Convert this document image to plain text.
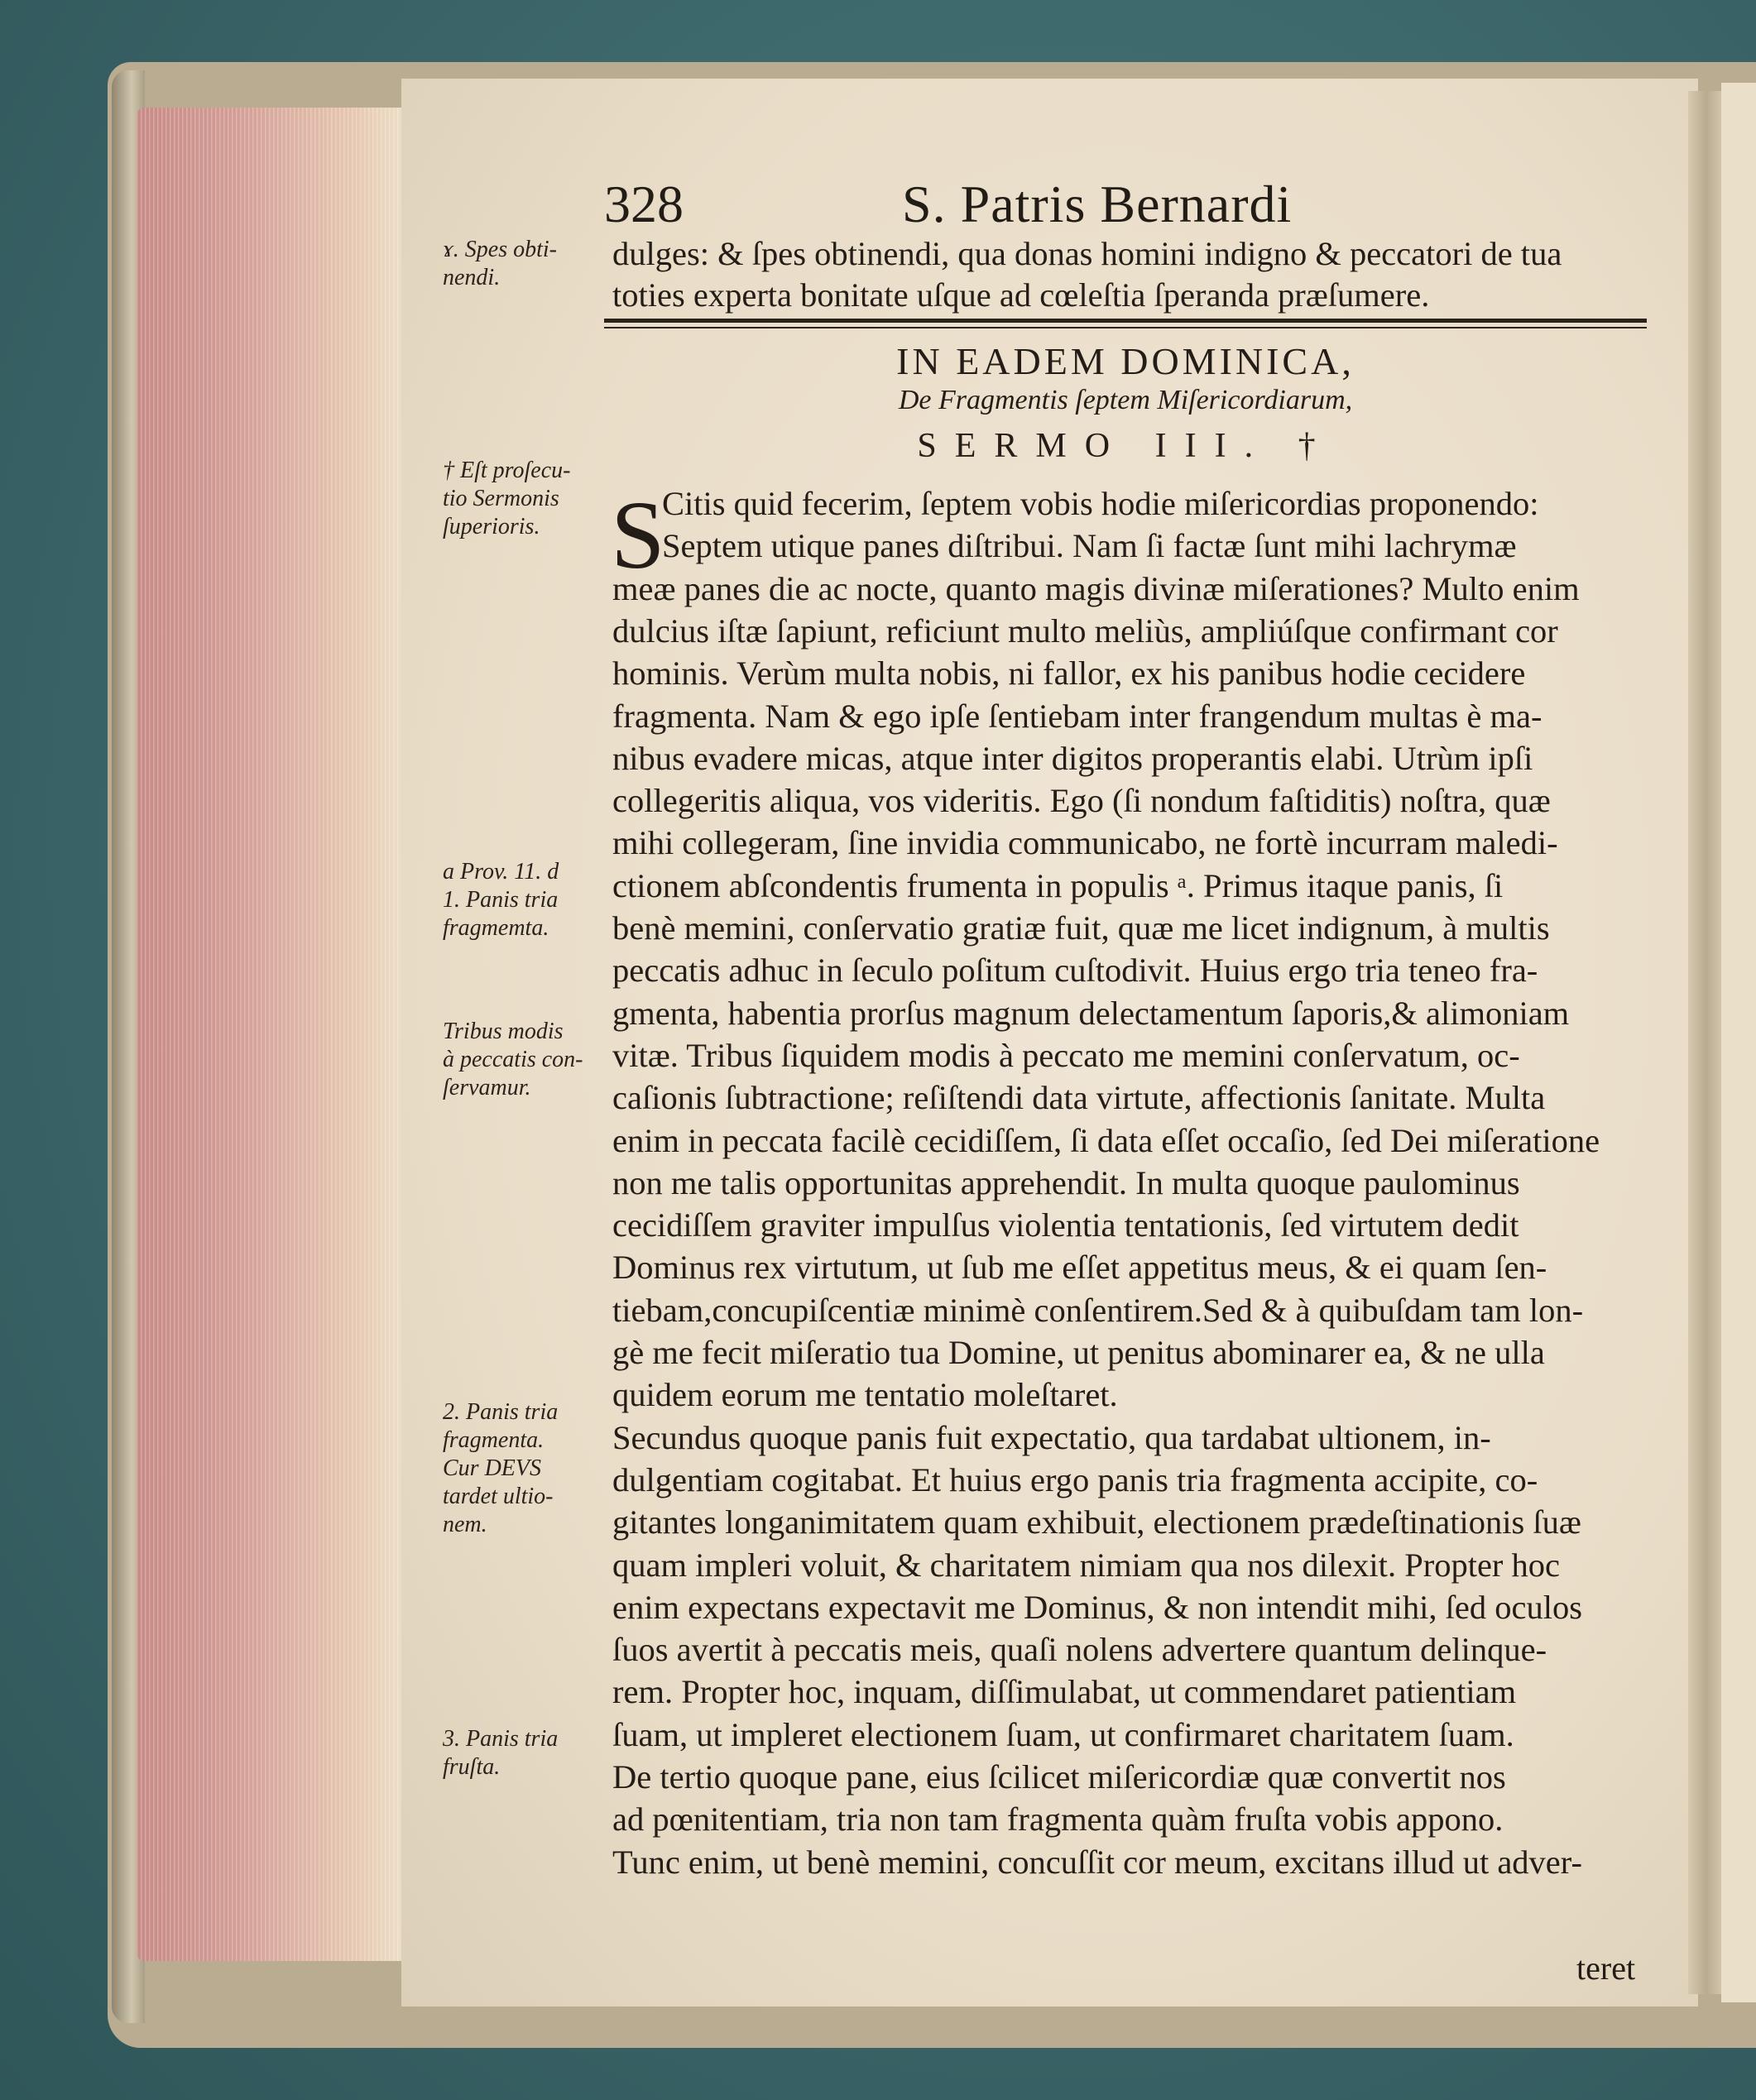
328	S. Patris Bernardi
dulges: & ſpes obtinendi, qua donas homini indigno & peccatori de tua
toties experta bonitate uſque ad cœleſtia ſperanda præſumere.
IN EADEM DOMINICA,
De Fragmentis ſeptem Miſericordiarum,
SERMO III. †
S
Citis quid fecerim, ſeptem vobis hodie miſericordias proponendo:
Septem utique panes diſtribui. Nam ſi factæ ſunt mihi lachrymæ
meæ panes die ac nocte, quanto magis divinæ miſerationes? Multo enim
dulcius iſtæ ſapiunt, reficiunt multo meliùs, ampliúſque confirmant cor
hominis. Verùm multa nobis, ni fallor, ex his panibus hodie cecidere
fragmenta. Nam & ego ipſe ſentiebam inter frangendum multas è ma-
nibus evadere micas, atque inter digitos properantis elabi. Utrùm ipſi
collegeritis aliqua, vos videritis. Ego (ſi nondum faſtiditis) noſtra, quæ
mihi collegeram, ſine invidia communicabo, ne fortè incurram maledi-
ctionem abſcondentis frumenta in populis ᵃ. Primus itaque panis, ſi
benè memini, conſervatio gratiæ fuit, quæ me licet indignum, à multis
peccatis adhuc in ſeculo poſitum cuſtodivit. Huius ergo tria teneo fra-
gmenta, habentia prorſus magnum delectamentum ſaporis,& alimoniam
vitæ. Tribus ſiquidem modis à peccato me memini conſervatum, oc-
caſionis ſubtractione; reſiſtendi data virtute, affectionis ſanitate. Multa
enim in peccata facilè cecidiſſem, ſi data eſſet occaſio, ſed Dei miſeratione
non me talis opportunitas apprehendit. In multa quoque paulominus
cecidiſſem graviter impulſus violentia tentationis, ſed virtutem dedit
Dominus rex virtutum, ut ſub me eſſet appetitus meus, & ei quam ſen-
tiebam,concupiſcentiæ minimè conſentirem.Sed & à quibuſdam tam lon-
gè me fecit miſeratio tua Domine, ut penitus abominarer ea, & ne ulla
quidem eorum me tentatio moleſtaret.
Secundus quoque panis fuit expectatio, qua tardabat ultionem, in-
dulgentiam cogitabat. Et huius ergo panis tria fragmenta accipite, co-
gitantes longanimitatem quam exhibuit, electionem prædeſtinationis ſuæ
quam impleri voluit, & charitatem nimiam qua nos dilexit. Propter hoc
enim expectans expectavit me Dominus, & non intendit mihi, ſed oculos
ſuos avertit à peccatis meis, quaſi nolens advertere quantum delinque-
rem. Propter hoc, inquam, diſſimulabat, ut commendaret patientiam
ſuam, ut impleret electionem ſuam, ut confirmaret charitatem ſuam.
De tertio quoque pane, eius ſcilicet miſericordiæ quæ convertit nos
ad pœnitentiam, tria non tam fragmenta quàm fruſta vobis appono.
Tunc enim, ut benè memini, concuſſit cor meum, excitans illud ut adver-
teret
ɤ. Spes obti-
nendi.
† Eſt proſecu-
tio Sermonis
ſuperioris.
a Prov. 11. d
1. Panis tria
fragmemta.
Tribus modis
à peccatis con-
ſervamur.
2. Panis tria
fragmenta.
Cur DEVS
tardet ultio-
nem.
3. Panis tria
fruſta.
